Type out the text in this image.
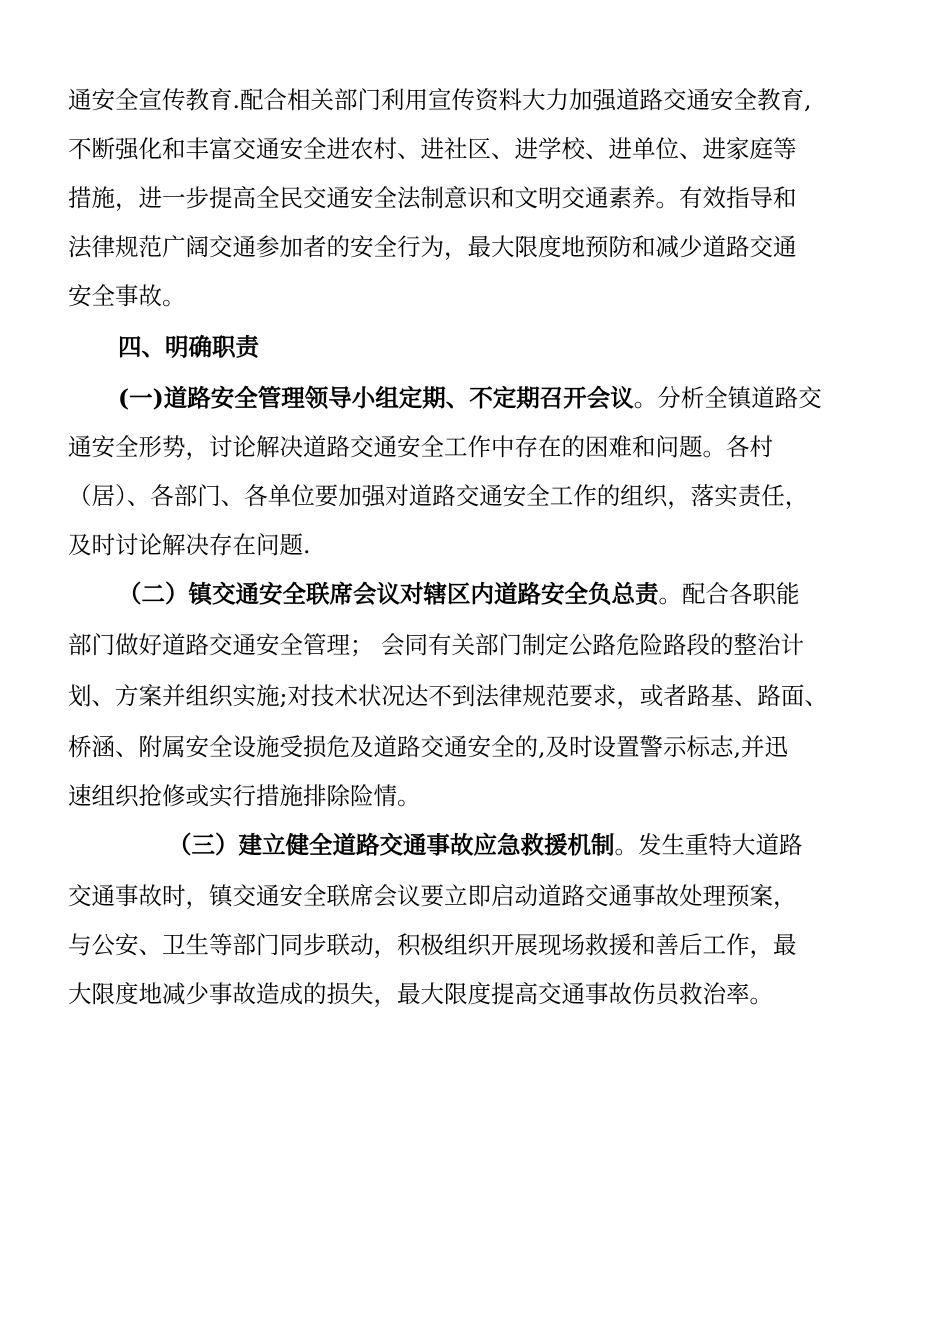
通安全宣传教育.配合相关部门利用宣传资料大力加强道路交通安全教育,
不断强化和丰富交通安全进农村、进社区、进学校、进单位、进家庭等
措施，进一步提高全民交通安全法制意识和文明交通素养。有效指导和
法律规范广阔交通参加者的安全行为，最大限度地预防和减少道路交通
安全事故。
四、明确职责
(一)道路安全管理领导小组定期、不定期召开会议。分析全镇道路交
通安全形势，讨论解决道路交通安全工作中存在的困难和问题。各村
（居）、各部门、各单位要加强对道路交通安全工作的组织，落实责任，
及时讨论解决存在问题.
（二）镇交通安全联席会议对辖区内道路安全负总责。配合各职能
部门做好道路交通安全管理； 会同有关部门制定公路危险路段的整治计
划、方案并组织实施;对技术状况达不到法律规范要求，或者路基、路面、
桥涵、附属安全设施受损危及道路交通安全的,及时设置警示标志,并迅
速组织抢修或实行措施排除险情。
（三）建立健全道路交通事故应急救援机制。发生重特大道路
交通事故时，镇交通安全联席会议要立即启动道路交通事故处理预案，
与公安、卫生等部门同步联动，积极组织开展现场救援和善后工作，最
大限度地减少事故造成的损失，最大限度提高交通事故伤员救治率。
